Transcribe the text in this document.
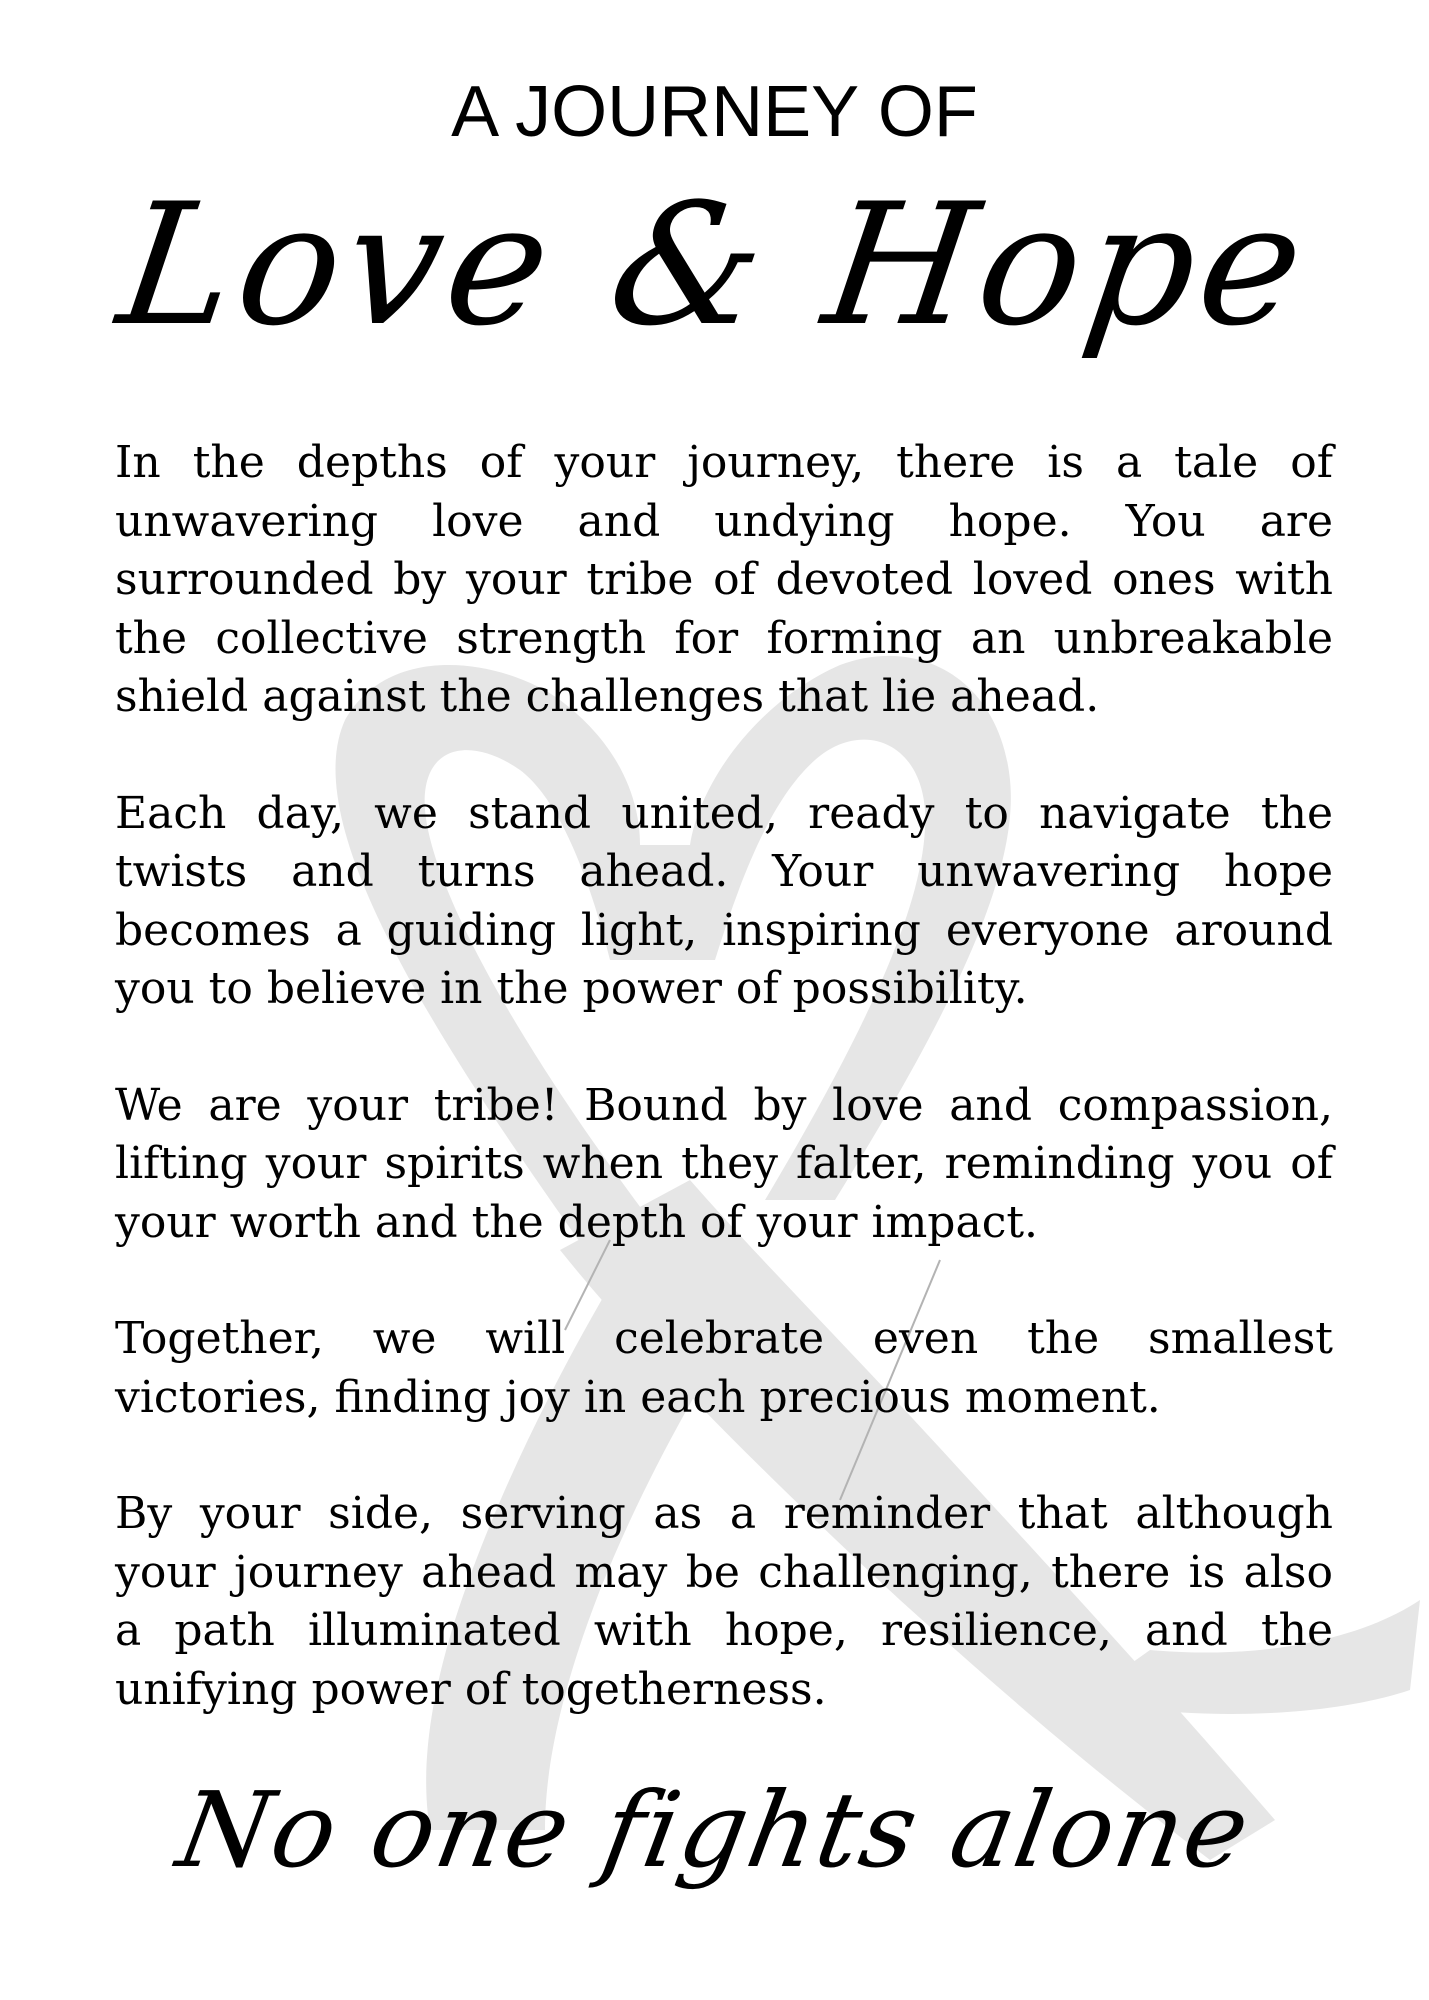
A JOURNEY OF
Love & Hope

In the depths of your journey, there is a tale of unwavering love and undying hope. You are surrounded by your tribe of devoted loved ones with the collective strength for forming an unbreakable shield against the challenges that lie ahead.

Each day, we stand united, ready to navigate the twists and turns ahead. Your unwavering hope becomes a guiding light, inspiring everyone around you to believe in the power of possibility.

We are your tribe! Bound by love and compassion, lifting your spirits when they falter, reminding you of your worth and the depth of your impact.

Together, we will celebrate even the smallest victories, finding joy in each precious moment.

By your side, serving as a reminder that although your journey ahead may be challenging, there is also a path illuminated with hope, resilience, and the unifying power of togetherness.

No one fights alone
